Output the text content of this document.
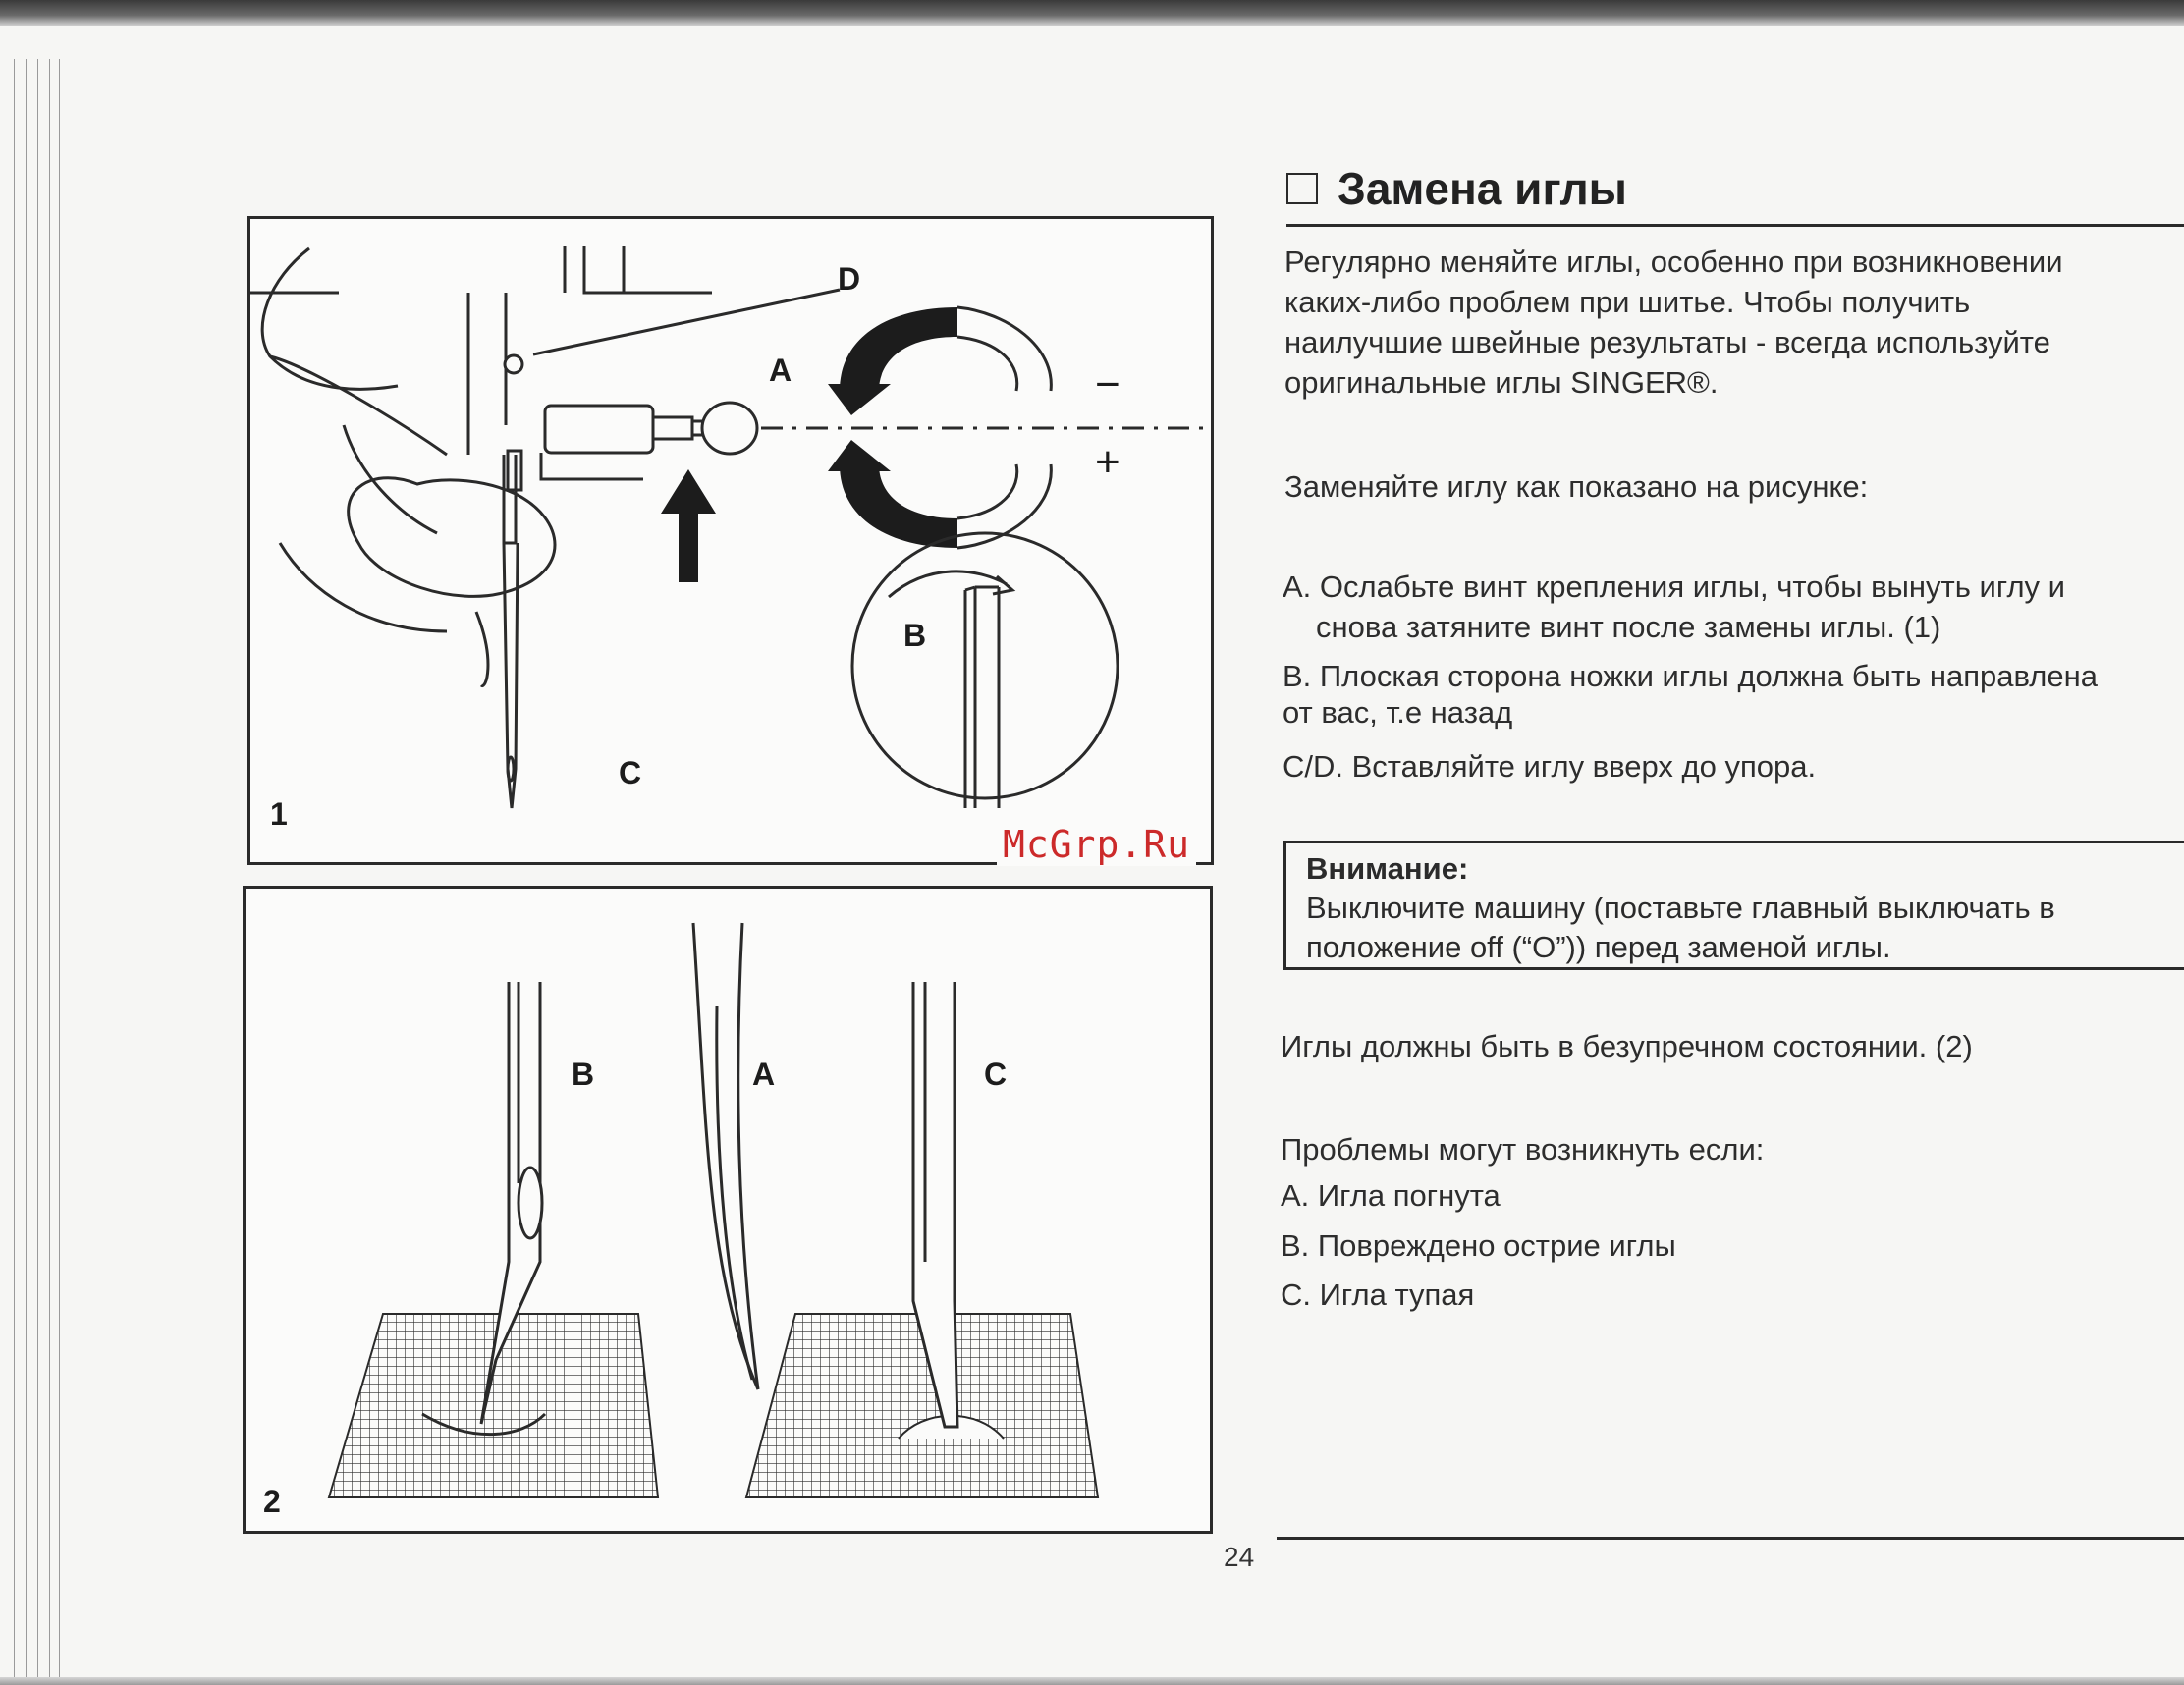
D
A
B
C
−
+
1
B	A	C
2
McGrp.Ru
24
Замена иглы
Регулярно меняйте иглы, особенно при возникновении
каких-либо проблем при шитье. Чтобы получить
наилучшие швейные результаты - всегда используйте
оригинальные иглы SINGER®.
Заменяйте иглу как показано на рисунке:
A. Ослабьте винт крепления иглы, чтобы вынуть иглу и
снова затяните винт после замены иглы. (1)
B. Плоская сторона ножки иглы должна быть направлена
от вас, т.е назад
C/D. Вставляйте иглу вверх до упора.
Внимание:
Выключите машину (поставьте главный выключать в
положение off (“O”)) перед заменой иглы.
Иглы должны быть в безупречном состоянии. (2)
Проблемы могут возникнуть если:
A. Игла погнута
B. Повреждено острие иглы
C. Игла тупая
